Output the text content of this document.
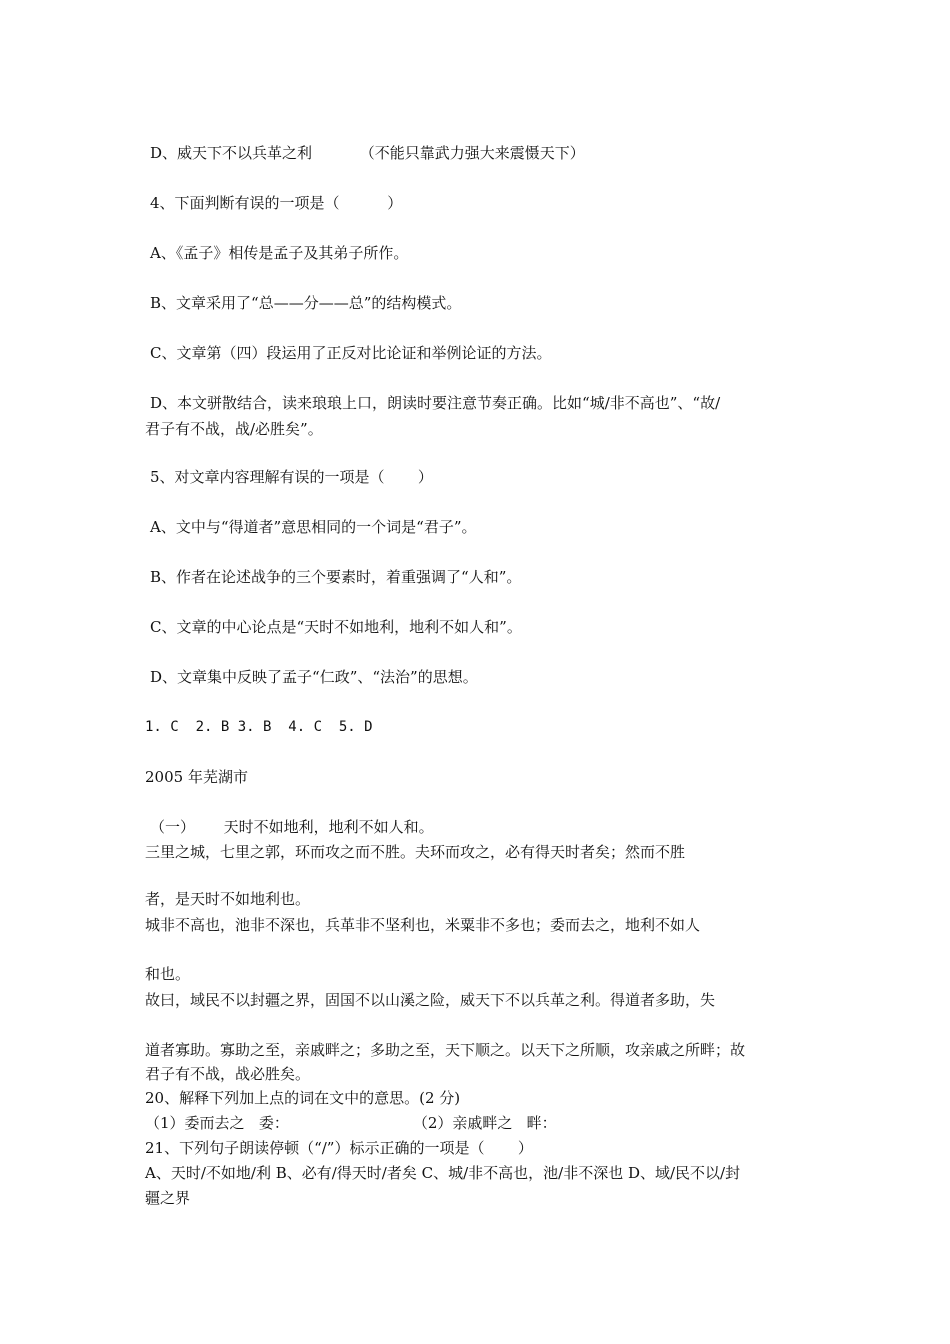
D、威天下不以兵革之利          （不能只靠武力强大来震慑天下）
4、下面判断有误的一项是（          ）
A、《孟子》相传是孟子及其弟子所作。
B、文章采用了“总——分——总”的结构模式。
C、文章第（四）段运用了正反对比论证和举例论证的方法。
D、本文骈散结合，读来琅琅上口，朗读时要注意节奏正确。比如“城/非不高也”、“故/
君子有不战，战/必胜矣”。
5、对文章内容理解有误的一项是（       ）
A、文中与“得道者”意思相同的一个词是“君子”。
B、作者在论述战争的三个要素时，着重强调了“人和”。
C、文章的中心论点是“天时不如地利，地利不如人和”。
D、文章集中反映了孟子“仁政”、“法治”的思想。
1. C  2. B 3. B  4. C  5. D
2005 年芜湖市
（一）      天时不如地利，地利不如人和。
三里之城，七里之郭，环而攻之而不胜。夫环而攻之，必有得天时者矣；然而不胜
者，是天时不如地利也。
城非不高也，池非不深也，兵革非不坚利也，米粟非不多也；委而去之，地利不如人
和也。
故曰，域民不以封疆之界，固国不以山溪之险，威天下不以兵革之利。得道者多助，失
道者寡助。寡助之至，亲戚畔之；多助之至，天下顺之。以天下之所顺，攻亲戚之所畔；故
君子有不战，战必胜矣。
20、解释下列加上点的词在文中的意思。(2 分)
（1）委而去之   委：                          （2）亲戚畔之   畔：
21、下列句子朗读停顿（“/”）标示正确的一项是（       ）
A、天时/不如地/利 B、必有/得天时/者矣 C、城/非不高也，池/非不深也 D、域/民不以/封
疆之界
